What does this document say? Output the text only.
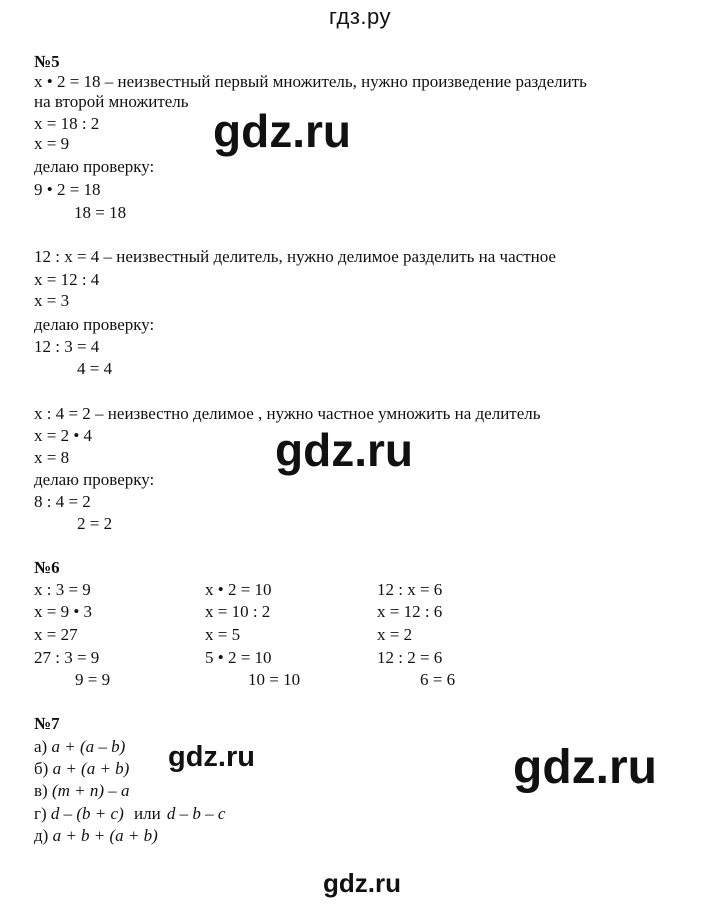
гдз.ру
№5
x • 2 = 18 – неизвестный первый множитель, нужно произведение разделить
на второй множитель
x = 18 : 2
x = 9
делаю проверку:
9 • 2 = 18
18 = 18
12 : x = 4 – неизвестный делитель, нужно делимое разделить на частное
x = 12 : 4
x = 3
делаю проверку:
12 : 3 = 4
4 = 4
x : 4 = 2 – неизвестно делимое , нужно частное умножить на делитель
x = 2 • 4
x = 8
делаю проверку:
8 : 4 = 2
2 = 2
№6
x : 3 = 9
x = 9 • 3
x = 27
27 : 3 = 9
9 = 9
x • 2 = 10
x = 10 : 2
x = 5
5 • 2 = 10
10 = 10
12 : x = 6
x = 12 : 6
x = 2
12 : 2 = 6
6 = 6
№7
а) a + (a – b)
б) a + (a + b)
в) (m + n) – a
г) d – (b + c) или d – b – c
д) a + b + (a + b)
gdz.ru
gdz.ru
gdz.ru	gdz.ru
gdz.ru
